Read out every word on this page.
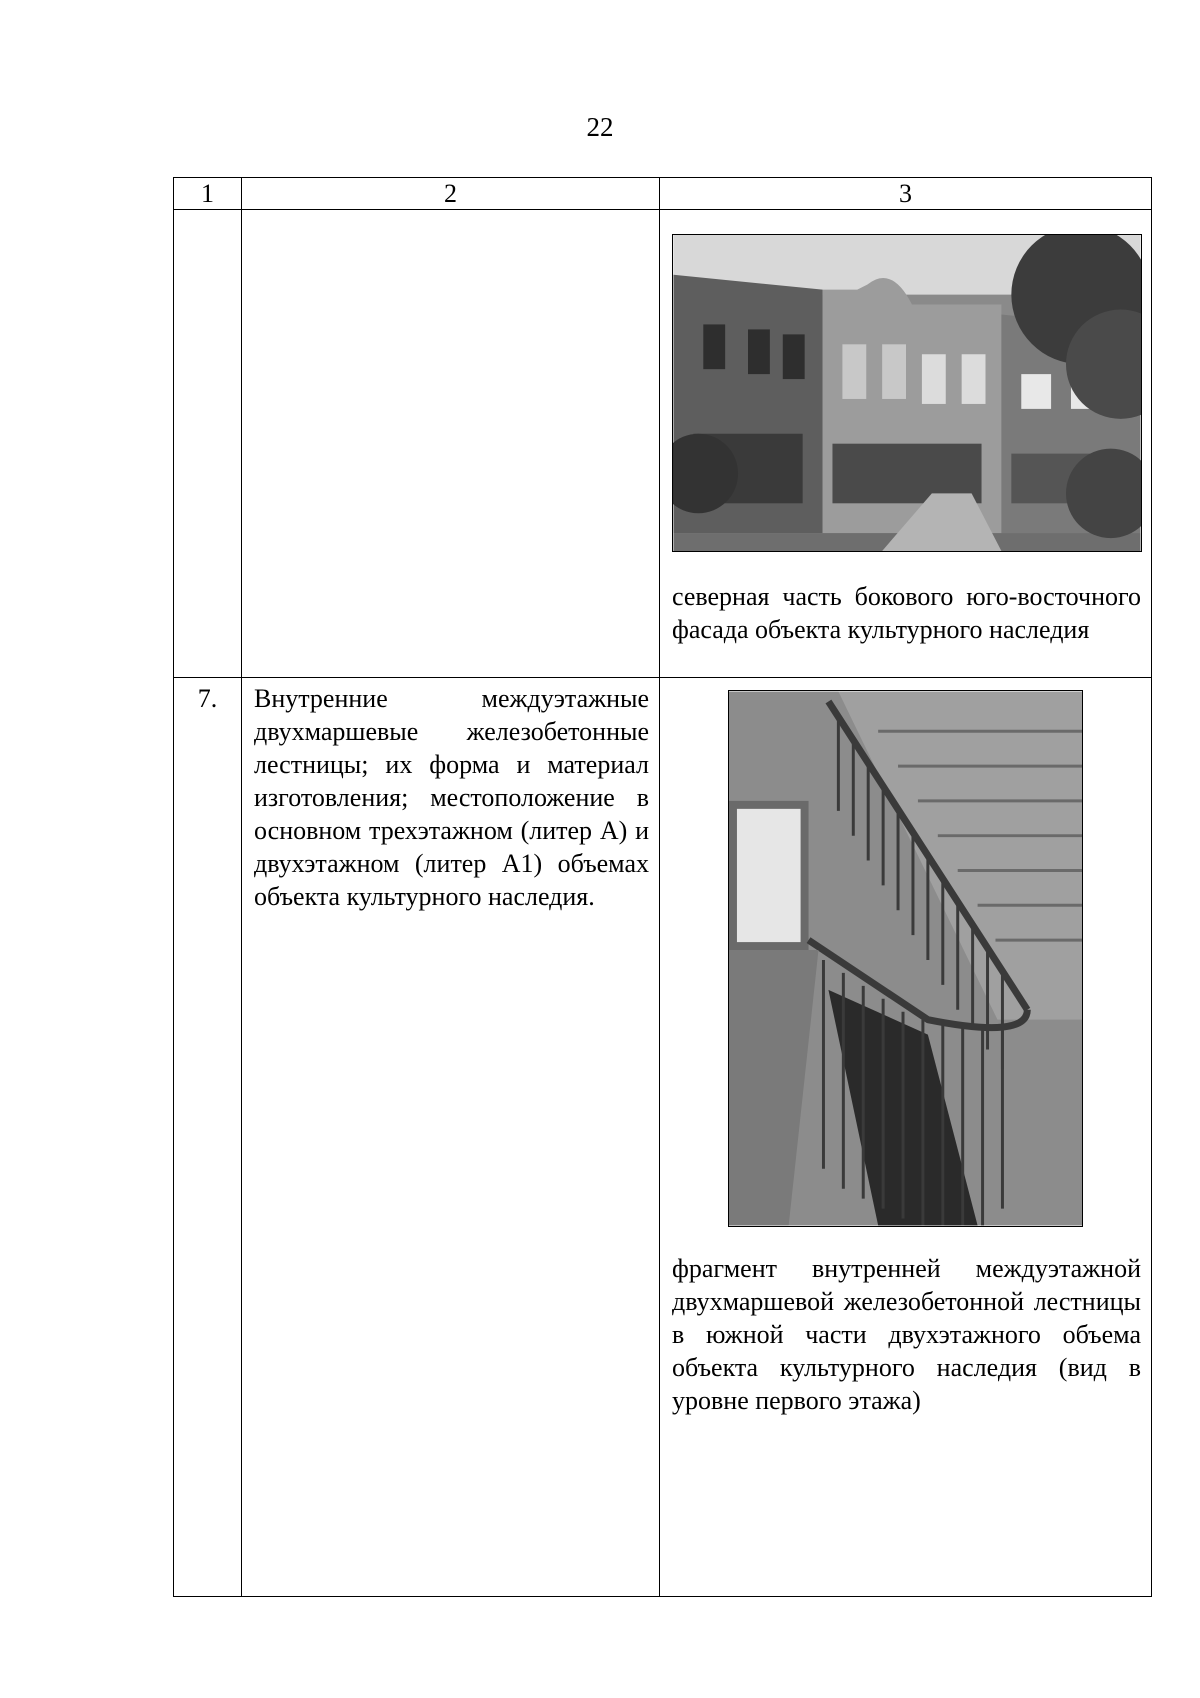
22
1	2	3

		северная часть бокового юго-восточного фасада объекта культурного наследия

7.	Внутренние междуэтажные двухмаршевые железобетонные лестницы; их форма и материал изготовления; местоположение в основном трехэтажном (литер А) и двухэтажном (литер А1) объемах объекта культурного наследия.	фрагмент внутренней междуэтажной двухмаршевой железобетонной лестницы в южной части двухэтажного объема объекта культурного наследия (вид в уровне первого этажа)
